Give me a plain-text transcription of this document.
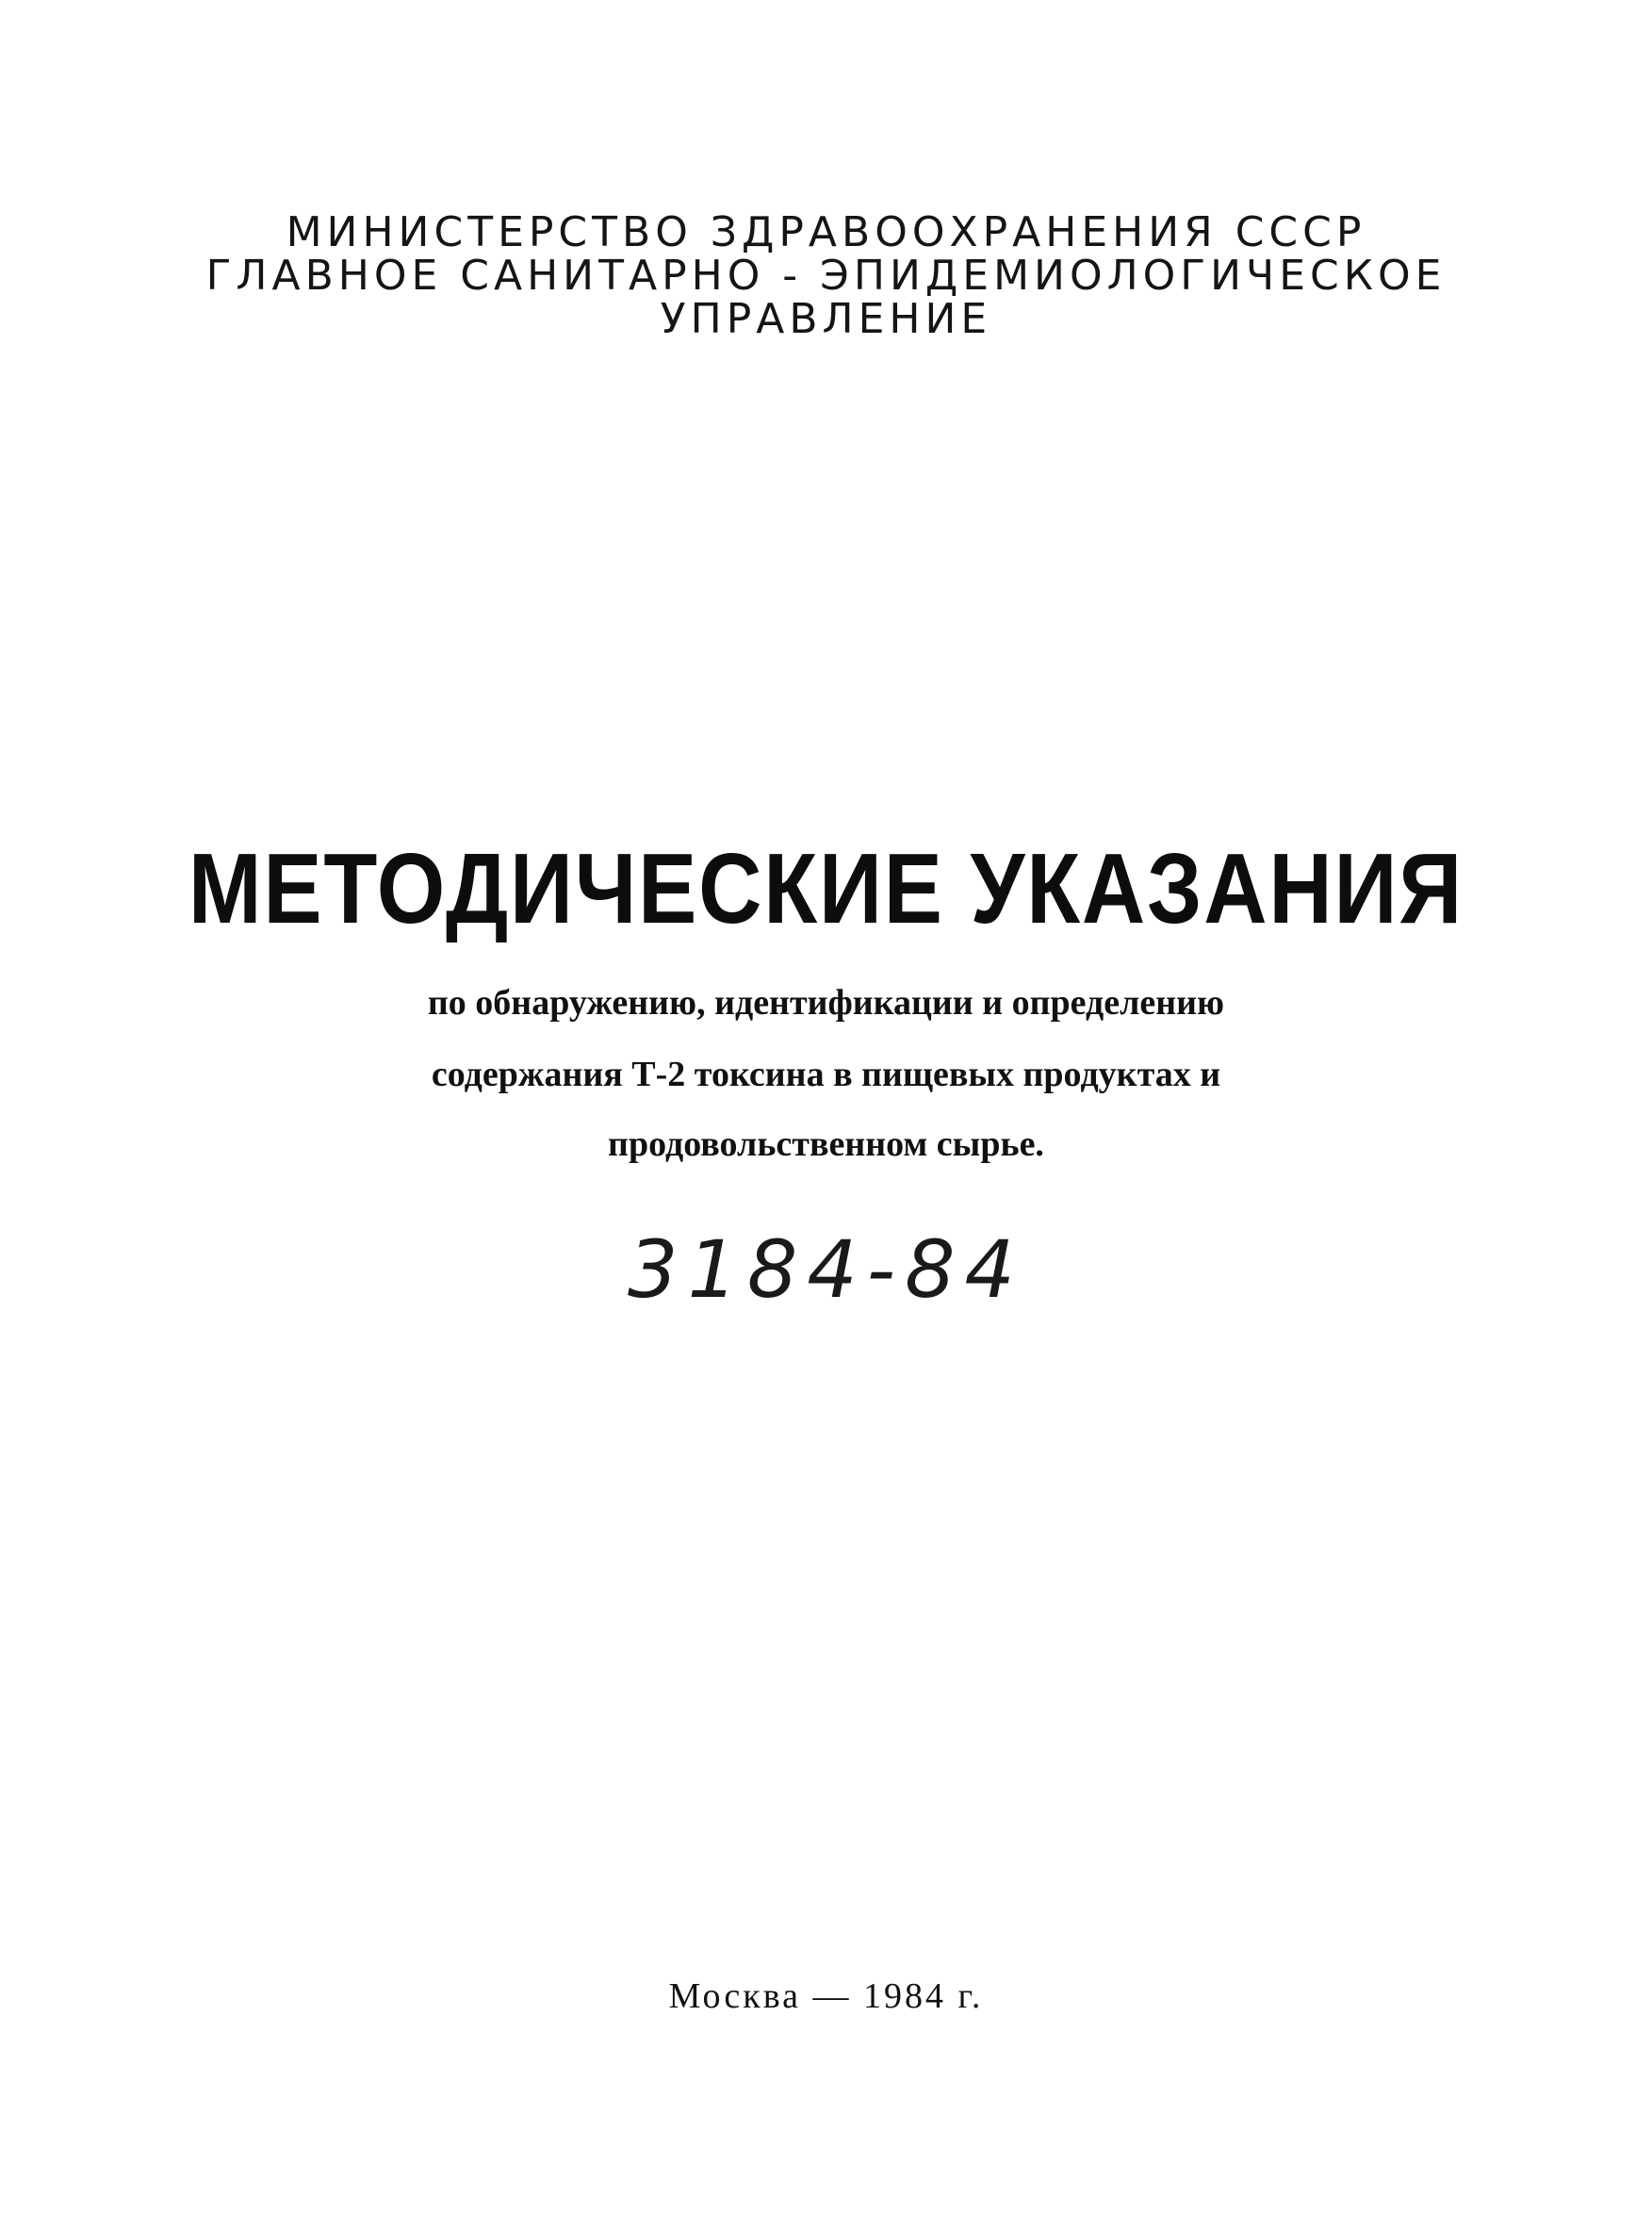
МИНИСТЕРСТВО ЗДРАВООХРАНЕНИЯ СССР
ГЛАВНОЕ САНИТАРНО - ЭПИДЕМИОЛОГИЧЕСКОЕ
УПРАВЛЕНИЕ
МЕТОДИЧЕСКИЕ УКАЗАНИЯ
по обнаружению, идентификации и определению
содержания Т-2 токсина в пищевых продуктах и
продовольственном сырье.
3184-84
Москва — 1984 г.
